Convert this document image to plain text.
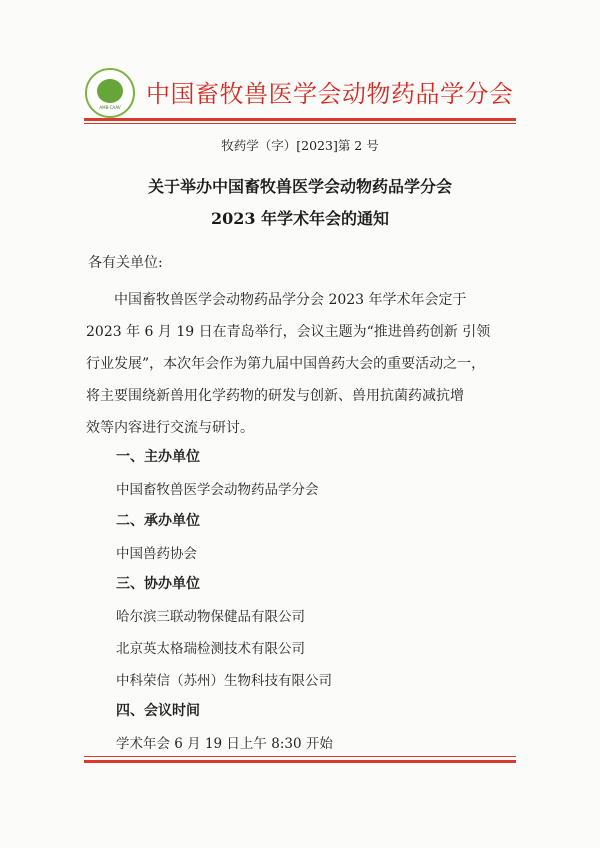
AMB-CAAV	中国畜牧兽医学会动物药品学分会
牧药学（字）[2023]第 2 号
关于举办中国畜牧兽医学会动物药品学分会
2023 年学术年会的通知
各有关单位:

　　中国畜牧兽医学会动物药品学分会 2023 年学术年会定于

2023 年 6 月 19 日在青岛举行，会议主题为“推进兽药创新 引领

行业发展”，本次年会作为第九届中国兽药大会的重要活动之一，

将主要围绕新兽用化学药物的研发与创新、兽用抗菌药减抗增

效等内容进行交流与研讨。

一、主办单位
中国畜牧兽医学会动物药品学分会
二、承办单位
中国兽药协会
三、协办单位
哈尔滨三联动物保健品有限公司
北京英太格瑞检测技术有限公司
中科荣信（苏州）生物科技有限公司
四、会议时间
学术年会 6 月 19 日上午 8:30 开始
